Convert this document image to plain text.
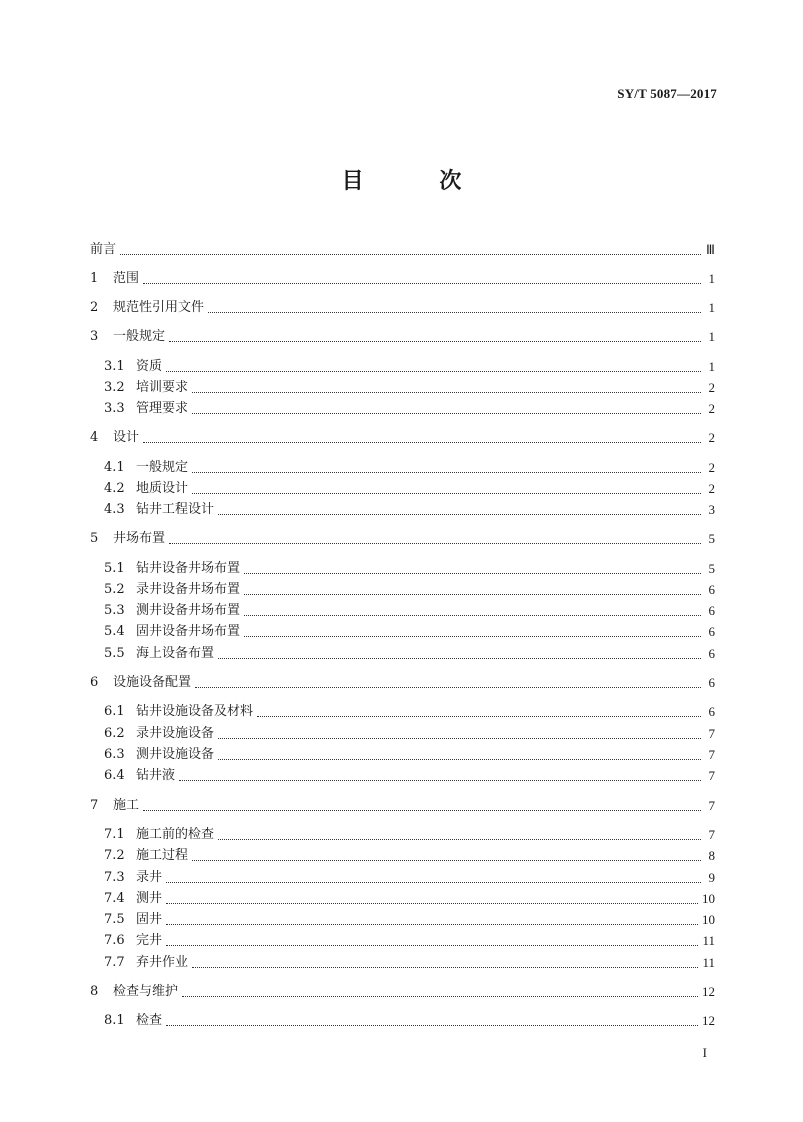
SY/T 5087—2017
目 次
前言	Ⅲ
1	范围	1
2	规范性引用文件	1
3	一般规定	1
3.1 资质	1
3.2 培训要求	2
3.3 管理要求	2
4	设计	2
4.1 一般规定	2
4.2 地质设计	2
4.3 钻井工程设计	3
5	井场布置	5
5.1 钻井设备井场布置	5
5.2 录井设备井场布置	6
5.3 测井设备井场布置	6
5.4 固井设备井场布置	6
5.5 海上设备布置	6
6	设施设备配置	6
6.1 钻井设施设备及材料	6
6.2 录井设施设备	7
6.3 测井设施设备	7
6.4 钻井液	7
7	施工	7
7.1 施工前的检查	7
7.2 施工过程	8
7.3 录井	9
7.4 测井	10
7.5 固井	10
7.6 完井	11
7.7 弃井作业	11
8	检查与维护	12
8.1 检查	12
I
